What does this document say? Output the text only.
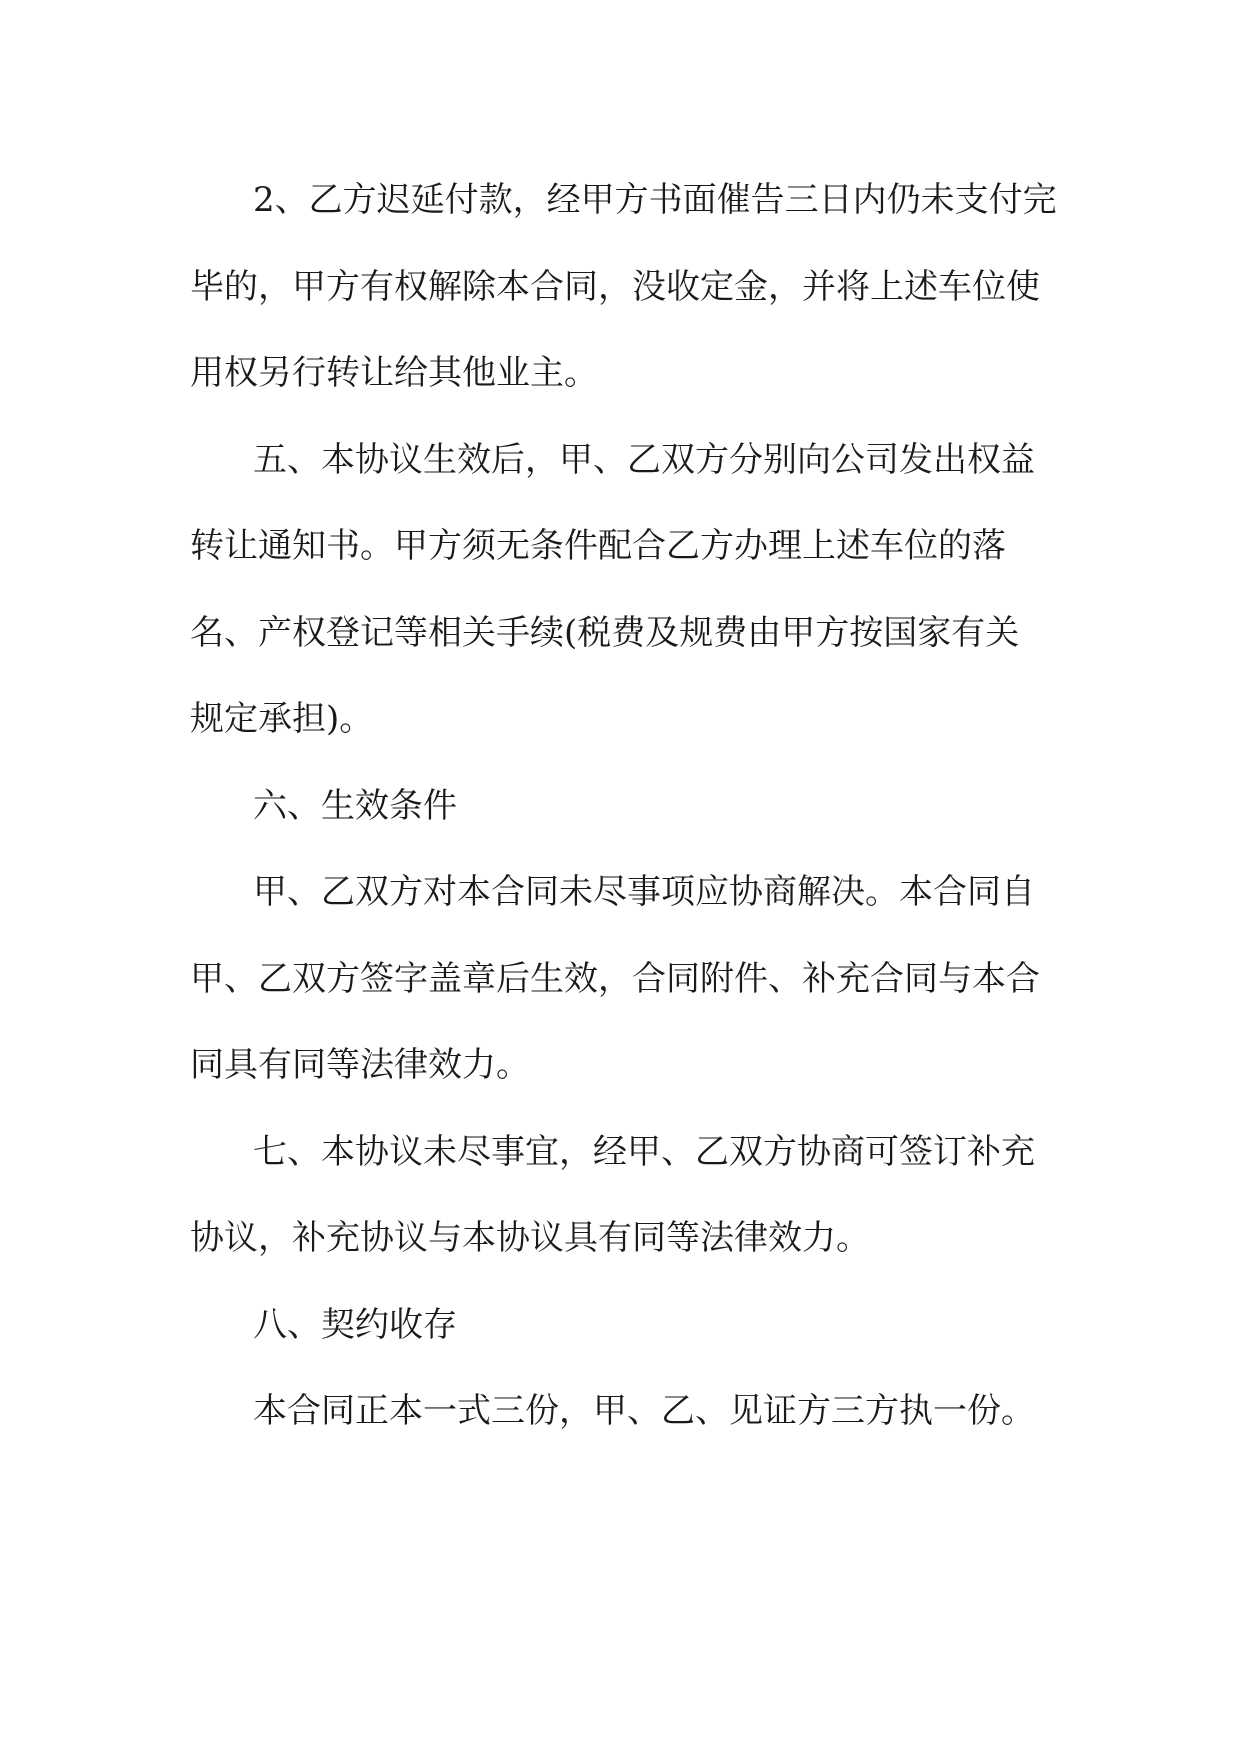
2、乙方迟延付款，经甲方书面催告三日内仍未支付完

毕的，甲方有权解除本合同，没收定金，并将上述车位使

用权另行转让给其他业主。

五、本协议生效后，甲、乙双方分别向公司发出权益

转让通知书。甲方须无条件配合乙方办理上述车位的落

名、产权登记等相关手续(税费及规费由甲方按国家有关

规定承担)。

六、生效条件

甲、乙双方对本合同未尽事项应协商解决。本合同自

甲、乙双方签字盖章后生效，合同附件、补充合同与本合

同具有同等法律效力。

七、本协议未尽事宜，经甲、乙双方协商可签订补充

协议，补充协议与本协议具有同等法律效力。

八、契约收存

本合同正本一式三份，甲、乙、见证方三方执一份。
